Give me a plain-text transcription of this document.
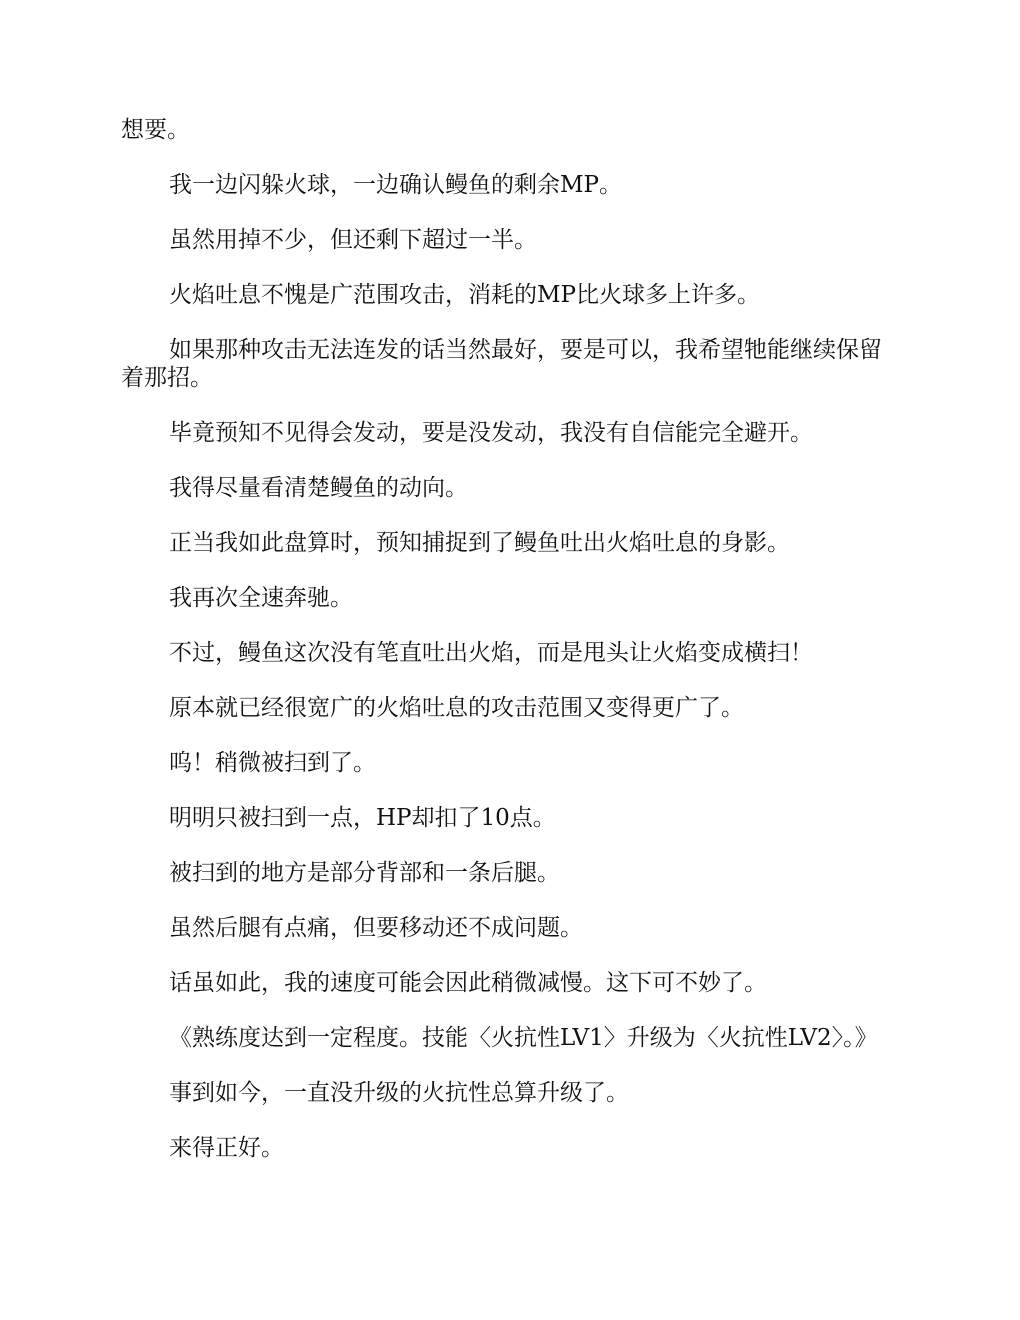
想要。

我一边闪躲火球，一边确认鳗鱼的剩余MP。

虽然用掉不少，但还剩下超过一半。

火焰吐息不愧是广范围攻击，消耗的MP比火球多上许多。

如果那种攻击无法连发的话当然最好，要是可以，我希望牠能继续保留着那招。

毕竟预知不见得会发动，要是没发动，我没有自信能完全避开。

我得尽量看清楚鳗鱼的动向。

正当我如此盘算时，预知捕捉到了鳗鱼吐出火焰吐息的身影。

我再次全速奔驰。

不过，鳗鱼这次没有笔直吐出火焰，而是甩头让火焰变成横扫！

原本就已经很宽广的火焰吐息的攻击范围又变得更广了。

呜！稍微被扫到了。

明明只被扫到一点，HP却扣了10点。

被扫到的地方是部分背部和一条后腿。

虽然后腿有点痛，但要移动还不成问题。

话虽如此，我的速度可能会因此稍微减慢。这下可不妙了。

《熟练度达到一定程度。技能〈火抗性LV1〉升级为〈火抗性LV2〉。》

事到如今，一直没升级的火抗性总算升级了。

来得正好。
